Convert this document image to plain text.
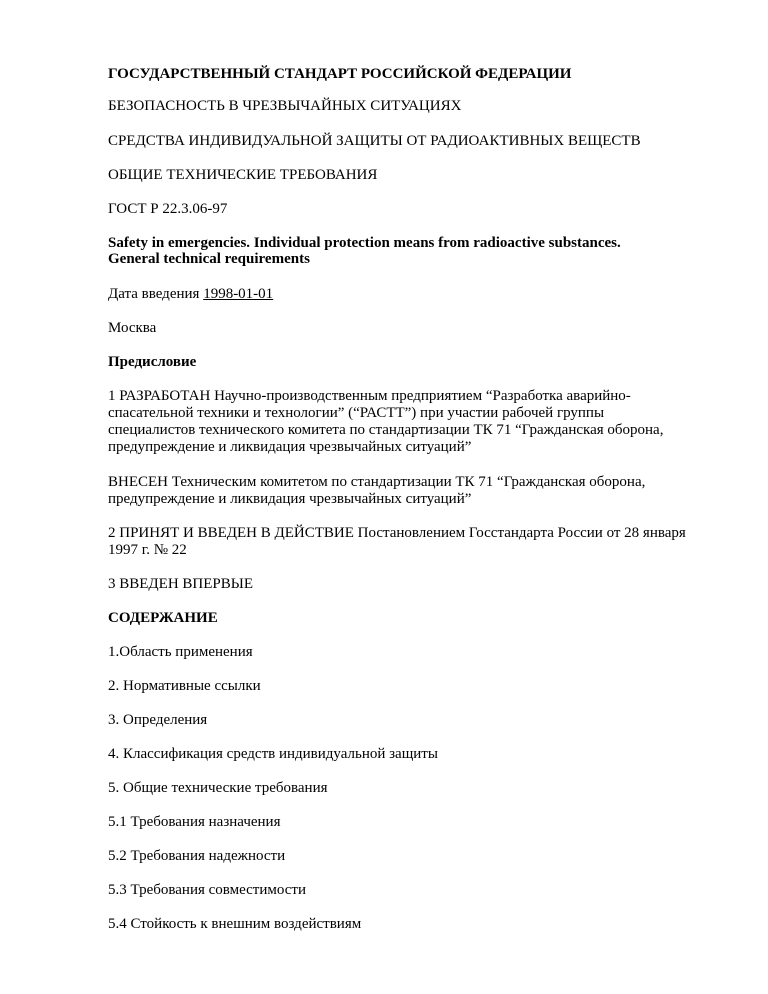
ГОСУДАРСТВЕННЫЙ СТАНДАРТ РОССИЙСКОЙ ФЕДЕРАЦИИ
БЕЗОПАСНОСТЬ В ЧРЕЗВЫЧАЙНЫХ СИТУАЦИЯХ
СРЕДСТВА ИНДИВИДУАЛЬНОЙ ЗАЩИТЫ ОТ РАДИОАКТИВНЫХ ВЕЩЕСТВ
ОБЩИЕ ТЕХНИЧЕСКИЕ ТРЕБОВАНИЯ
ГОСТ Р 22.3.06-97
Safety in emergencies. Individual protection means from radioactive substances.
General technical requirements
Дата введения 1998-01-01
Москва
Предисловие
1 РАЗРАБОТАН Научно-производственным предприятием “Разработка аварийно-
спасательной техники и технологии” (“РАСТТ”) при участии рабочей группы
специалистов технического комитета по стандартизации ТК 71 “Гражданская оборона,
предупреждение и ликвидация чрезвычайных ситуаций”
ВНЕСЕН Техническим комитетом по стандартизации ТК 71 “Гражданская оборона,
предупреждение и ликвидация чрезвычайных ситуаций”
2 ПРИНЯТ И ВВЕДЕН В ДЕЙСТВИЕ Постановлением Госстандарта России от 28 января
1997 г. № 22
3 ВВЕДЕН ВПЕРВЫЕ
СОДЕРЖАНИЕ
1.Область применения
2. Нормативные ссылки
3. Определения
4. Классификация средств индивидуальной защиты
5. Общие технические требования
5.1 Требования назначения
5.2 Требования надежности
5.3 Требования совместимости
5.4 Стойкость к внешним воздействиям
